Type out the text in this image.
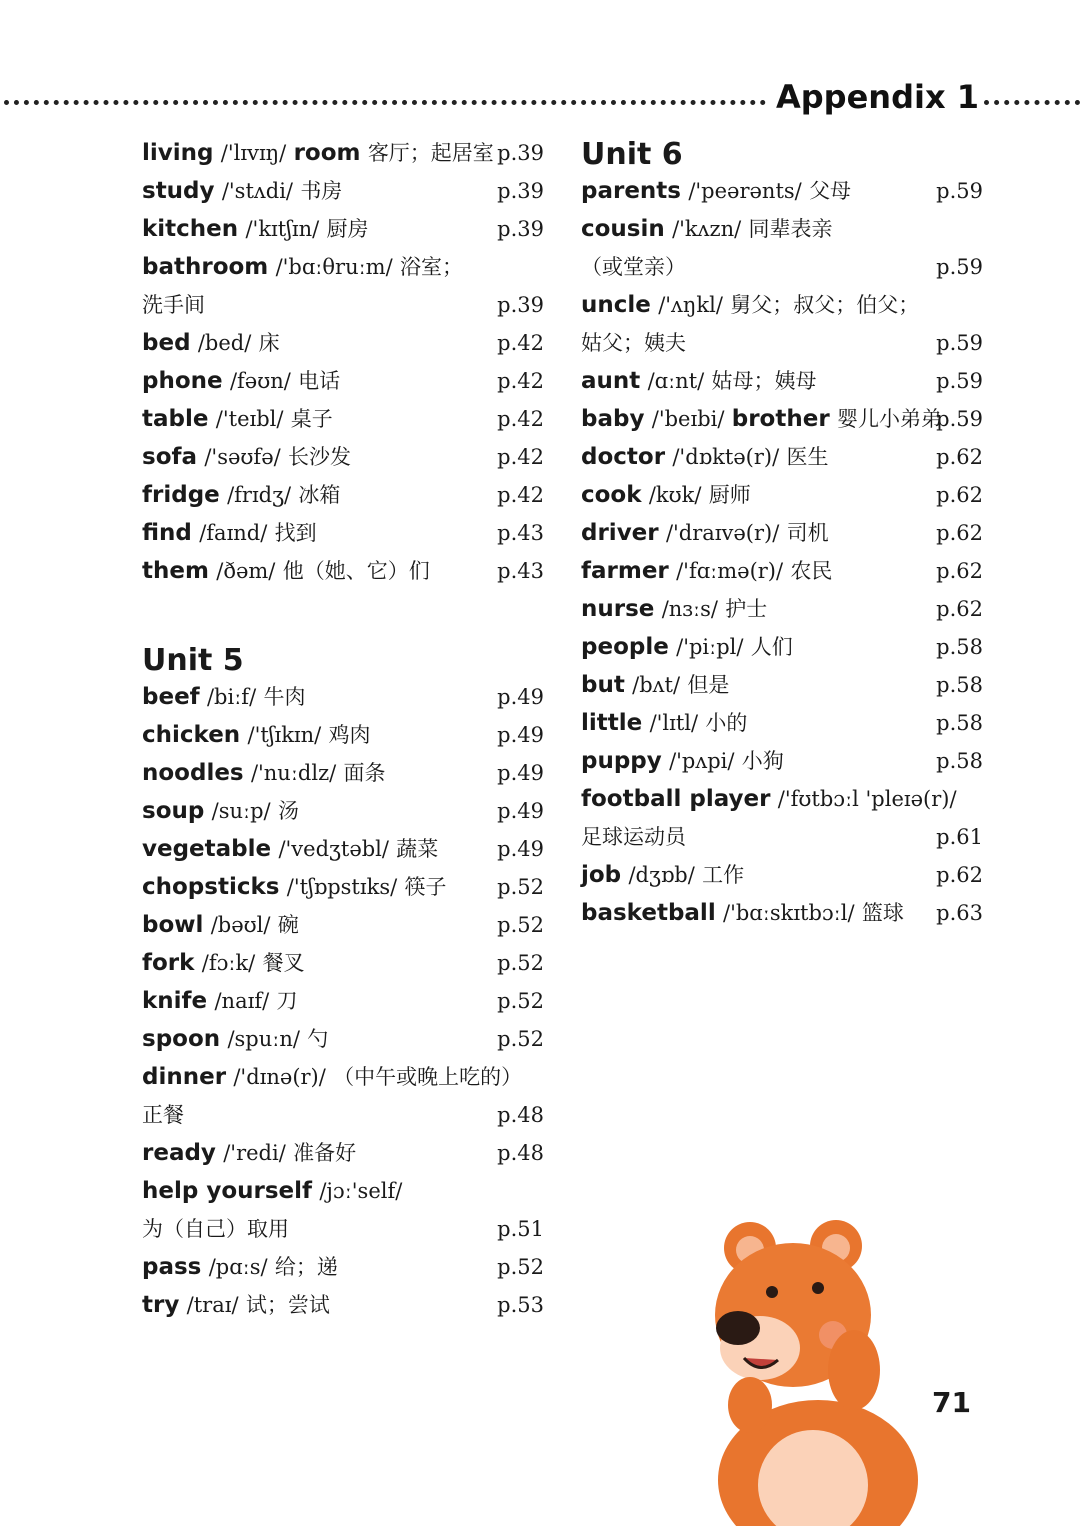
Appendix 1
living /'lɪvɪŋ/ room 客厅；起居室 p.39
study /'stʌdi/ 书房	p.39
kitchen /'kɪtʃɪn/ 厨房	p.39
bathroom /'bɑːθruːm/ 浴室；
洗手间	p.39
bed /bed/ 床	p.42
phone /fəʊn/ 电话	p.42
table /'teɪbl/ 桌子	p.42
sofa /'səʊfə/ 长沙发	p.42
fridge /frɪdʒ/ 冰箱	p.42
find /faɪnd/ 找到	p.43
them /ðəm/ 他（她、它）们	p.43
Unit 5
beef /biːf/ 牛肉	p.49
chicken /'tʃɪkɪn/ 鸡肉	p.49
noodles /'nuːdlz/ 面条	p.49
soup /suːp/ 汤	p.49
vegetable /'vedʒtəbl/ 蔬菜	p.49
chopsticks /'tʃɒpstɪks/ 筷子 p.52
bowl /bəʊl/ 碗	p.52
fork /fɔːk/ 餐叉	p.52
knife /naɪf/ 刀	p.52
spoon /spuːn/ 勺	p.52
dinner /'dɪnə(r)/ （中午或晚上吃的）
正餐	p.48
ready /'redi/ 准备好	p.48
help yourself /jɔː'self/
为（自己）取用	p.51
pass /pɑːs/ 给；递	p.52
try /traɪ/ 试；尝试	p.53
Unit 6
parents /'peərənts/ 父母	p.59
cousin /'kʌzn/ 同辈表亲
（或堂亲）	p.59
uncle /'ʌŋkl/ 舅父；叔父；伯父；
姑父；姨夫	p.59
aunt /ɑːnt/ 姑母；姨母	p.59
baby /'beɪbi/ brother 婴儿小弟弟
p.59
doctor /'dɒktə(r)/ 医生	p.62
cook /kʊk/ 厨师	p.62
driver /'draɪvə(r)/ 司机	p.62
farmer /'fɑːmə(r)/ 农民	p.62
nurse /nɜːs/ 护士	p.62
people /'piːpl/ 人们	p.58
but /bʌt/ 但是	p.58
little /'lɪtl/ 小的	p.58
puppy /'pʌpi/ 小狗	p.58
football player /'fʊtbɔːl 'pleɪə(r)/
足球运动员	p.61
job /dʒɒb/ 工作	p.62
basketball /'bɑːskɪtbɔːl/ 篮球 p.63
71
